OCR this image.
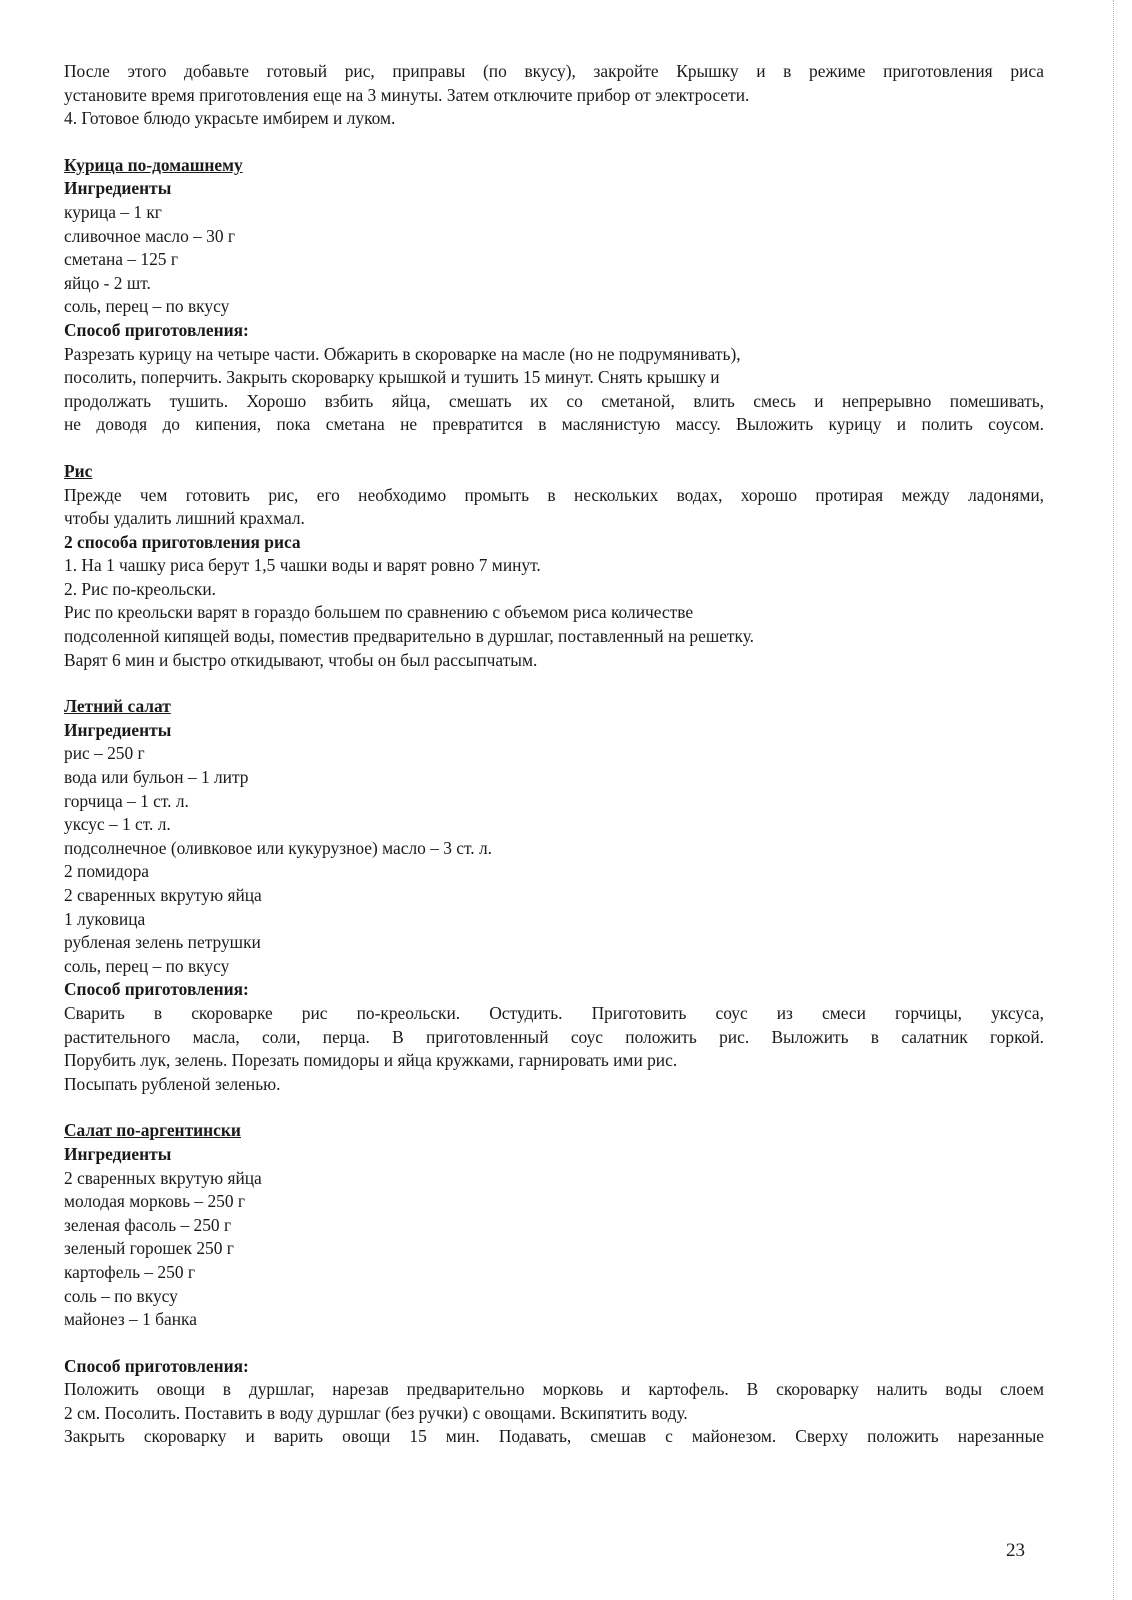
После этого добавьте готовый рис, приправы (по вкусу), закройте Крышку и в режиме приготовления риса
установите время приготовления еще на 3 минуты. Затем отключите прибор от электросети.
4. Готовое блюдо украсьте имбирем и луком.
Курица по-домашнему
Ингредиенты
курица – 1 кг
сливочное масло – 30 г
сметана – 125 г
яйцо - 2 шт.
соль, перец – по вкусу
Способ приготовления:
Разрезать курицу на четыре части. Обжарить в скороварке на масле (но не подрумянивать),
посолить, поперчить. Закрыть скороварку крышкой и тушить 15 минут. Снять крышку и
продолжать тушить. Хорошо взбить яйца, смешать их со сметаной, влить смесь и непрерывно помешивать,
не доводя до кипения, пока сметана не превратится в маслянистую массу. Выложить курицу и полить соусом.
Рис
Прежде чем готовить рис, его необходимо промыть в нескольких водах, хорошо протирая между ладонями,
чтобы удалить лишний крахмал.
2 способа приготовления риса
1. На 1 чашку риса берут 1,5 чашки воды и варят ровно 7 минут.
2. Рис по-креольски.
Рис по креольски варят в гораздо большем по сравнению с объемом риса количестве
подсоленной кипящей воды, поместив предварительно в дуршлаг, поставленный на решетку.
Варят 6 мин и быстро откидывают, чтобы он был рассыпчатым.
Летний салат
Ингредиенты
рис – 250 г
вода или бульон – 1 литр
горчица – 1 ст. л.
уксус – 1 ст. л.
подсолнечное (оливковое или кукурузное) масло – 3 ст. л.
2 помидора
2 сваренных вкрутую яйца
1 луковица
рубленая зелень петрушки
соль, перец – по вкусу
Способ приготовления:
Сварить в скороварке рис по-креольски. Остудить. Приготовить соус из смеси горчицы, уксуса,
растительного масла, соли, перца. В приготовленный соус положить рис. Выложить в салатник горкой.
Порубить лук, зелень. Порезать помидоры и яйца кружками, гарнировать ими рис.
Посыпать рубленой зеленью.
Салат по-аргентински
Ингредиенты
2 сваренных вкрутую яйца
молодая морковь – 250 г
зеленая фасоль – 250 г
зеленый горошек 250 г
картофель – 250 г
соль – по вкусу
майонез – 1 банка
Способ приготовления:
Положить овощи в дуршлаг, нарезав предварительно морковь и картофель. В скороварку налить воды слоем
2 см. Посолить. Поставить в воду дуршлаг (без ручки) с овощами. Вскипятить воду.
Закрыть скороварку и варить овощи 15 мин. Подавать, смешав с майонезом. Сверху положить нарезанные
23
